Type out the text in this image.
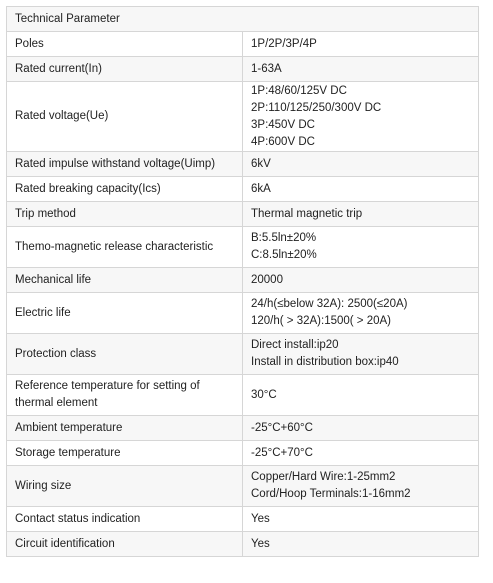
Technical Parameter	
Poles	1P/2P/3P/4P

Rated current(In)	1-63A

Rated voltage(Ue)	1P:48/60/125V DC
2P:110/125/250/300V DC
3P:450V DC
4P:600V DC

Rated impulse withstand voltage(Uimp)	6kV

Rated breaking capacity(Ics)	6kA

Trip method	Thermal magnetic trip

Themo-magnetic release characteristic	B:5.5ln±20%
C:8.5ln±20%

Mechanical life	20000

Electric life	24/h(≤below 32A): 2500(≤20A)
120/h( > 32A):1500( > 20A)

Protection class	Direct install:ip20
Install in distribution box:ip40

Reference temperature for setting of thermal element	30°C

Ambient temperature	-25°C+60°C

Storage temperature	-25°C+70°C

Wiring size	Copper/Hard Wire:1-25mm2
Cord/Hoop Terminals:1-16mm2

Contact status indication	Yes

Circuit identification	Yes
